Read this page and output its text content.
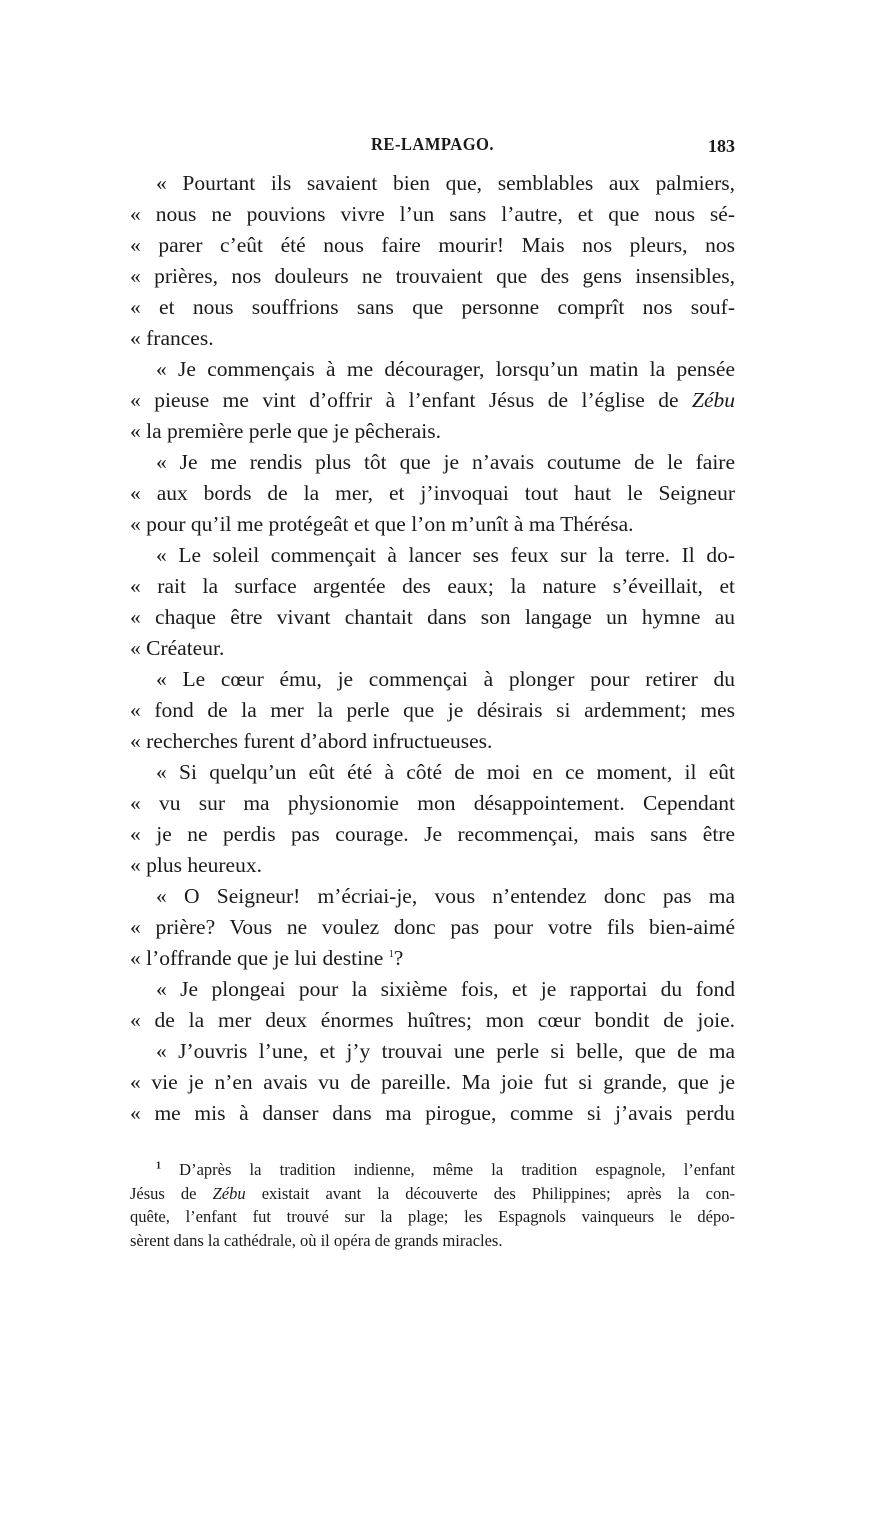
RE-LAMPAGO.	183
« Pourtant ils savaient bien que, semblables aux palmiers,
« nous ne pouvions vivre l’un sans l’autre, et que nous sé-
« parer c’eût été nous faire mourir! Mais nos pleurs, nos
« prières, nos douleurs ne trouvaient que des gens insensibles,
« et nous souffrions sans que personne comprît nos souf-
« frances.
« Je commençais à me décourager, lorsqu’un matin la pensée
« pieuse me vint d’offrir à l’enfant Jésus de l’église de Zébu
« la première perle que je pêcherais.
« Je me rendis plus tôt que je n’avais coutume de le faire
« aux bords de la mer, et j’invoquai tout haut le Seigneur
« pour qu’il me protégeât et que l’on m’unît à ma Thérésa.
« Le soleil commençait à lancer ses feux sur la terre. Il do-
« rait la surface argentée des eaux; la nature s’éveillait, et
« chaque être vivant chantait dans son langage un hymne au
« Créateur.
« Le cœur ému, je commençai à plonger pour retirer du
« fond de la mer la perle que je désirais si ardemment; mes
« recherches furent d’abord infructueuses.
« Si quelqu’un eût été à côté de moi en ce moment, il eût
« vu sur ma physionomie mon désappointement. Cependant
« je ne perdis pas courage. Je recommençai, mais sans être
« plus heureux.
« O Seigneur! m’écriai-je, vous n’entendez donc pas ma
« prière? Vous ne voulez donc pas pour votre fils bien-aimé
« l’offrande que je lui destine $^1$?
« Je plongeai pour la sixième fois, et je rapportai du fond
« de la mer deux énormes huîtres; mon cœur bondit de joie.
« J’ouvris l’une, et j’y trouvai une perle si belle, que de ma
« vie je n’en avais vu de pareille. Ma joie fut si grande, que je
« me mis à danser dans ma pirogue, comme si j’avais perdu
$^1$ D’après la tradition indienne, même la tradition espagnole, l’enfant
Jésus de Zébu existait avant la découverte des Philippines; après la con-
quête, l’enfant fut trouvé sur la plage; les Espagnols vainqueurs le dépo-
sèrent dans la cathédrale, où il opéra de grands miracles.
